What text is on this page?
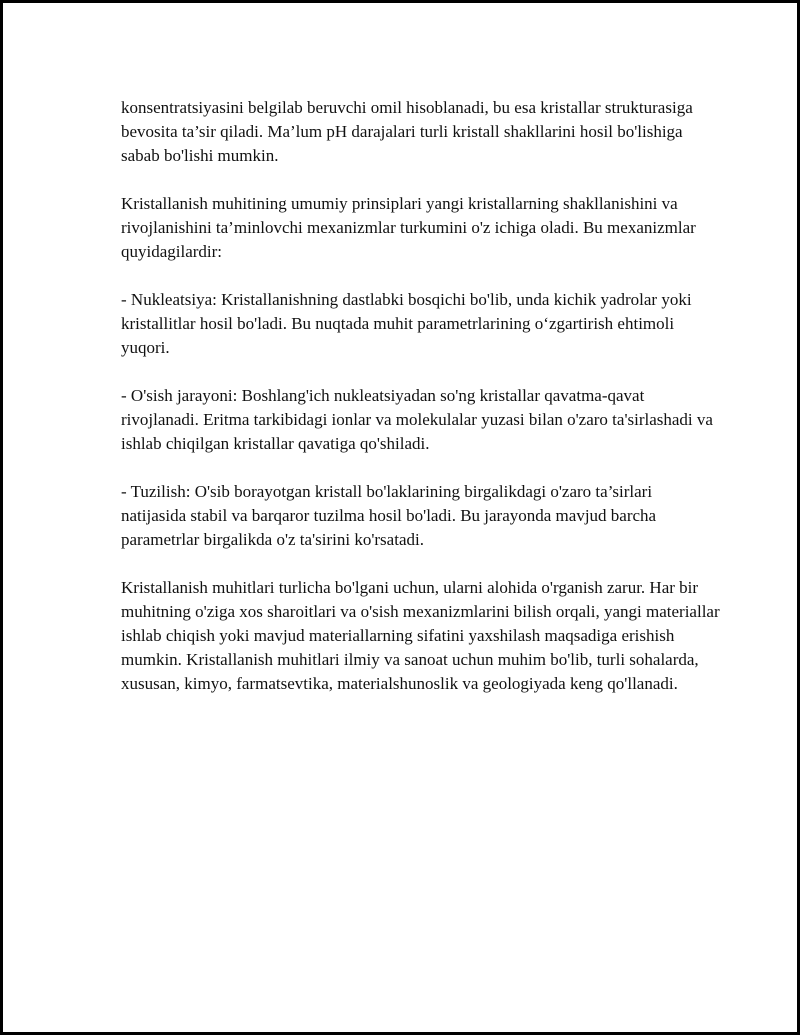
konsentratsiyasini belgilab beruvchi omil hisoblanadi, bu esa kristallar strukturasiga bevosita ta’sir qiladi. Ma’lum pH darajalari turli kristall shakllarini hosil bo'lishiga sabab bo'lishi mumkin.

Kristallanish muhitining umumiy prinsiplari yangi kristallarning shakllanishini va rivojlanishini ta’minlovchi mexanizmlar turkumini o'z ichiga oladi. Bu mexanizmlar quyidagilardir:

- Nukleatsiya: Kristallanishning dastlabki bosqichi bo'lib, unda kichik yadrolar yoki kristallitlar hosil bo'ladi. Bu nuqtada muhit parametrlarining o‘zgartirish ehtimoli yuqori.

- O'sish jarayoni: Boshlang'ich nukleatsiyadan so'ng kristallar qavatma-qavat rivojlanadi. Eritma tarkibidagi ionlar va molekulalar yuzasi bilan o'zaro ta'sirlashadi va ishlab chiqilgan kristallar qavatiga qo'shiladi.

- Tuzilish: O'sib borayotgan kristall bo'laklarining birgalikdagi o'zaro ta’sirlari natijasida stabil va barqaror tuzilma hosil bo'ladi. Bu jarayonda mavjud barcha parametrlar birgalikda o'z ta'sirini ko'rsatadi.

Kristallanish muhitlari turlicha bo'lgani uchun, ularni alohida o'rganish zarur. Har bir muhitning o'ziga xos sharoitlari va o'sish mexanizmlarini bilish orqali, yangi materiallar ishlab chiqish yoki mavjud materiallarning sifatini yaxshilash maqsadiga erishish mumkin. Kristallanish muhitlari ilmiy va sanoat uchun muhim bo'lib, turli sohalarda, xususan, kimyo, farmatsevtika, materialshunoslik va geologiyada keng qo'llanadi.
